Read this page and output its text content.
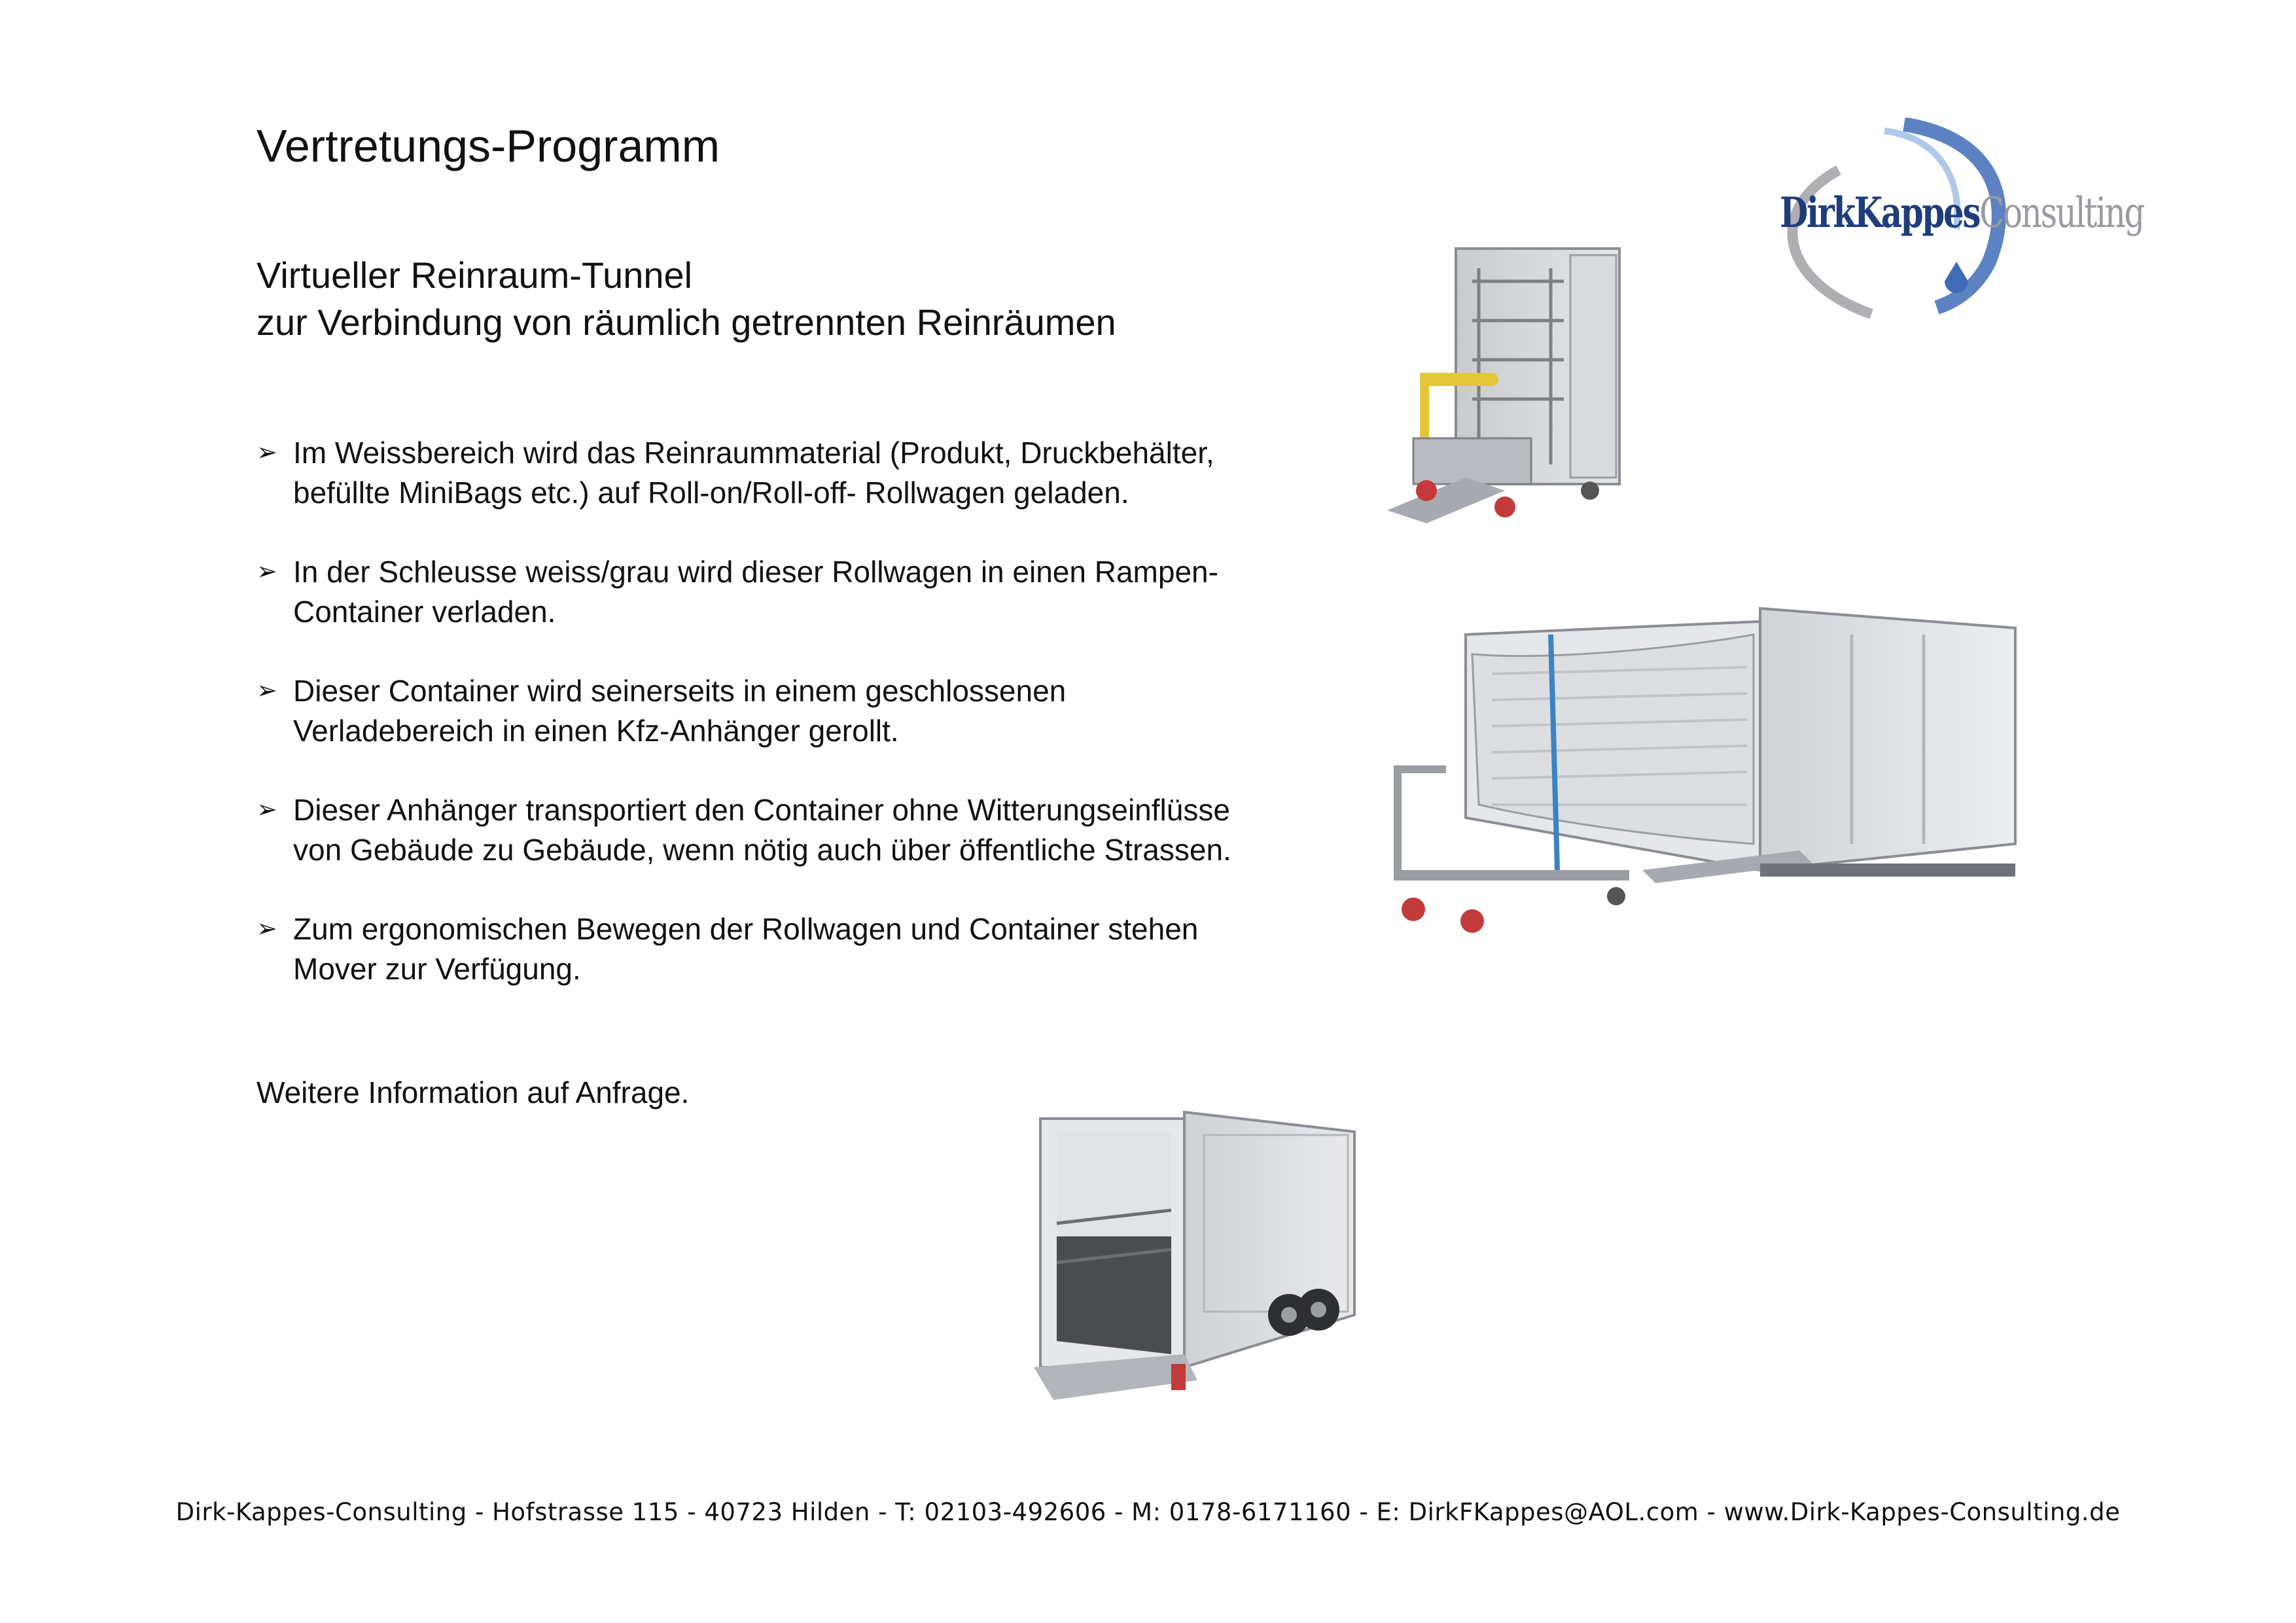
Vertretungs-Programm
Virtueller Reinraum-Tunnel
zur Verbindung von räumlich getrennten Reinräumen
DirkKappesConsulting
➢ Im Weissbereich wird das Reinraummaterial (Produkt, Druckbehälter,
befüllte MiniBags etc.) auf Roll-on/Roll-off- Rollwagen geladen.
➢ In der Schleusse weiss/grau wird dieser Rollwagen in einen Rampen-
Container verladen.
➢ Dieser Container wird seinerseits in einem geschlossenen
Verladebereich in einen Kfz-Anhänger gerollt.
➢ Dieser Anhänger transportiert den Container ohne Witterungseinflüsse
von Gebäude zu Gebäude, wenn nötig auch über öffentliche Strassen.
➢ Zum ergonomischen Bewegen der Rollwagen und Container stehen
Mover zur Verfügung.
Weitere Information auf Anfrage.
Dirk-Kappes-Consulting - Hofstrasse 115 - 40723 Hilden - T: 02103-492606 - M: 0178-6171160 - E: DirkFKappes@AOL.com - www.Dirk-Kappes-Consulting.de
